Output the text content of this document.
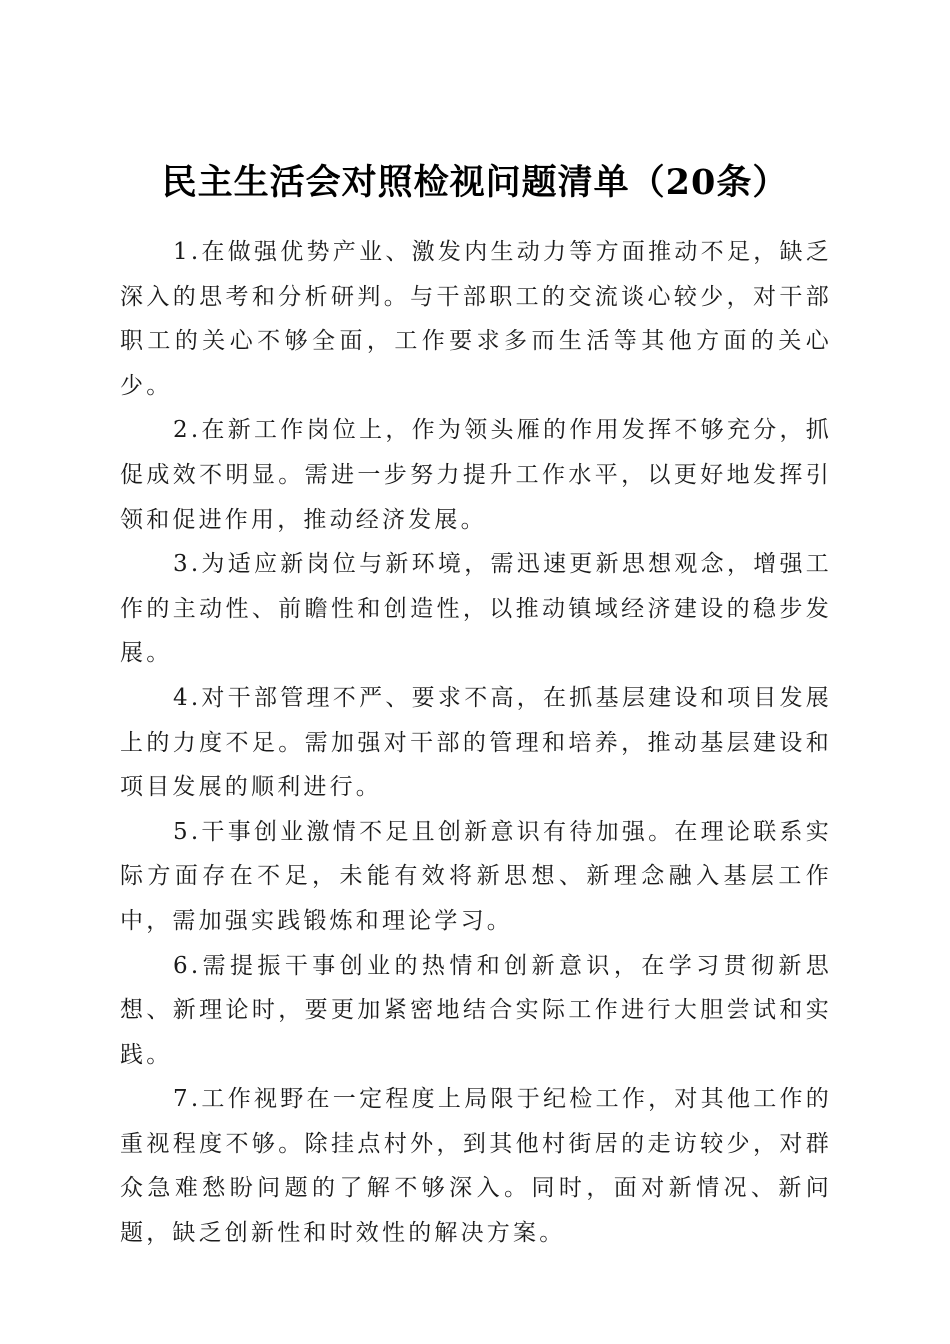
民主生活会对照检视问题清单（20条）

1.在做强优势产业、激发内生动力等方面推动不足，缺乏深入的思考和分析研判。与干部职工的交流谈心较少，对干部职工的关心不够全面，工作要求多而生活等其他方面的关心少。

2.在新工作岗位上，作为领头雁的作用发挥不够充分，抓促成效不明显。需进一步努力提升工作水平，以更好地发挥引领和促进作用，推动经济发展。

3.为适应新岗位与新环境，需迅速更新思想观念，增强工作的主动性、前瞻性和创造性，以推动镇域经济建设的稳步发展。

4.对干部管理不严、要求不高，在抓基层建设和项目发展上的力度不足。需加强对干部的管理和培养，推动基层建设和项目发展的顺利进行。

5.干事创业激情不足且创新意识有待加强。在理论联系实际方面存在不足，未能有效将新思想、新理念融入基层工作中，需加强实践锻炼和理论学习。

6.需提振干事创业的热情和创新意识，在学习贯彻新思想、新理论时，要更加紧密地结合实际工作进行大胆尝试和实践。

7.工作视野在一定程度上局限于纪检工作，对其他工作的重视程度不够。除挂点村外，到其他村街居的走访较少，对群众急难愁盼问题的了解不够深入。同时，面对新情况、新问题，缺乏创新性和时效性的解决方案。
